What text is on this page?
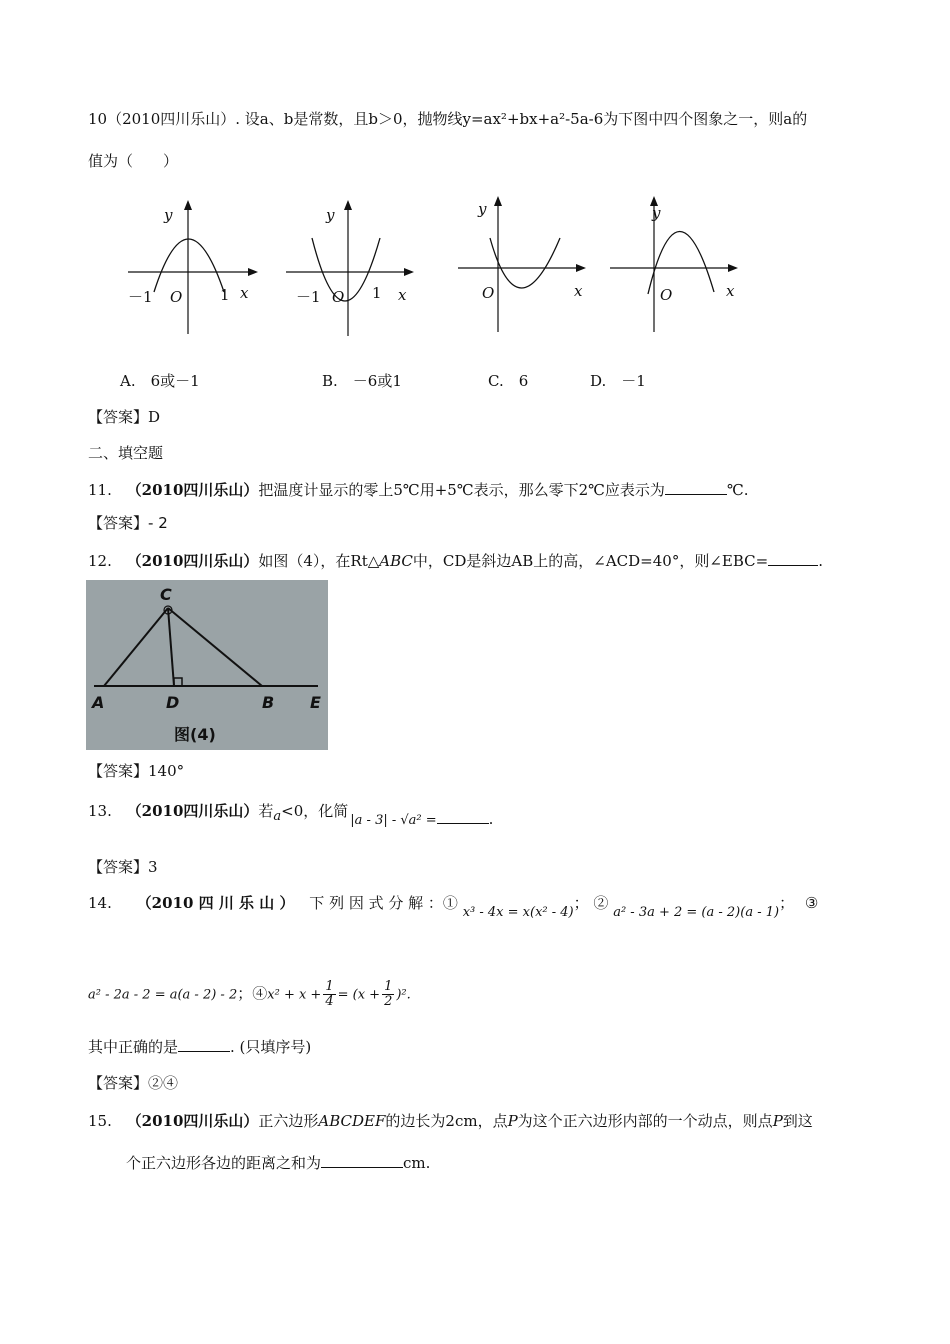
10（2010四川乐山）. 设a、b是常数，且b＞0，抛物线y=ax²+bx+a²-5a-6为下图中四个图象之一，则a的
值为（　　）
y
x
O
－1	1
y
x
O
－1	1
y
x
O
y
x
O
A.　6或－1	B.　－6或1	C.　6	D.　－1
【答案】D
二、填空题
11. （2010四川乐山）把温度计显示的零上5℃用+5℃表示，那么零下2℃应表示为	℃.
【答案】- 2
12. （2010四川乐山）如图（4），在Rt△ABC中，CD是斜边AB上的高，∠ACD=40°，则∠EBC=	.
C
A	D	B E
图(4)
【答案】140°
13. （2010四川乐山）若a<0，化简|a - 3| - √a² =	.
【答案】3
14. （2010 四 川 乐 山 ） 下 列 因 式 分 解 ：① x³ - 4x = x(x² - 4)； ② a² - 3a + 2 = (a - 2)(a - 1)； ③
a² - 2a - 2 = a(a - 2) - 2；④x² + $x + \frac{1}{4} = (x + \frac{1}{2} )^2$.
其中正确的是	. (只填序号)
【答案】②④
15. （2010四川乐山）正六边形ABCDEF的边长为2cm，点P为这个正六边形内部的一个动点，则点P到这
个正六边形各边的距离之和为	cm.
